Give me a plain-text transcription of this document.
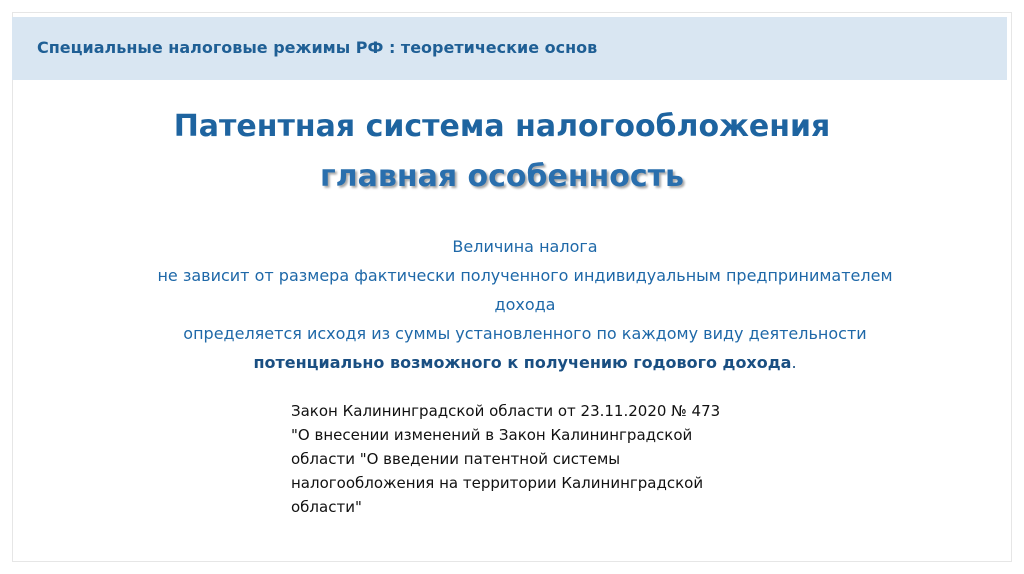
Специальные налоговые режимы РФ : теоретические основ
Патентная система налогообложения
главная особенность
Величина налога
не зависит от размера фактически полученного индивидуальным предпринимателем
дохода
определяется исходя из суммы установленного по каждому виду деятельности
потенциально возможного к получению годового дохода.
Закон Калининградской области от 23.11.2020 № 473
"О внесении изменений в Закон Калининградской
области "О введении патентной системы
налогообложения на территории Калининградской
области"
